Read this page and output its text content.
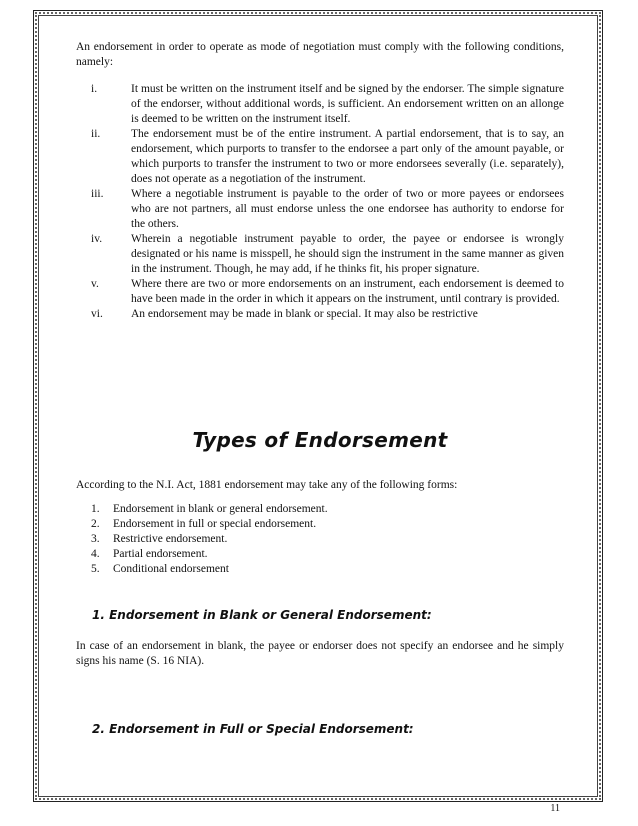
An endorsement in order to operate as mode of negotiation must comply with the following conditions, namely:

i.	It must be written on the instrument itself and be signed by the endorser. The simple signature of the endorser, without additional words, is sufficient. An endorsement written on an allonge is deemed to be written on the instrument itself.
ii.	The endorsement must be of the entire instrument. A partial endorsement, that is to say, an endorsement, which purports to transfer to the endorsee a part only of the amount payable, or which purports to transfer the instrument to two or more endorsees severally (i.e. separately), does not operate as a negotiation of the instrument.
iii.	Where a negotiable instrument is payable to the order of two or more payees or endorsees who are not partners, all must endorse unless the one endorsee has authority to endorse for the others.
iv.	Wherein a negotiable instrument payable to order, the payee or endorsee is wrongly designated or his name is misspell, he should sign the instrument in the same manner as given in the instrument. Though, he may add, if he thinks fit, his proper signature.
v.	Where there are two or more endorsements on an instrument, each endorsement is deemed to have been made in the order in which it appears on the instrument, until contrary is provided.
vi.	An endorsement may be made in blank or special. It may also be restrictive
Types of Endorsement

According to the N.I. Act, 1881 endorsement may take any of the following forms:

1.	Endorsement in blank or general endorsement.
2.	Endorsement in full or special endorsement.
3.	Restrictive endorsement.
4.	Partial endorsement.
5.	Conditional endorsement
1. Endorsement in Blank or General Endorsement:

In case of an endorsement in blank, the payee or endorser does not specify an endorsee and he simply signs his name (S. 16 NIA).

2. Endorsement in Full or Special Endorsement:
11
